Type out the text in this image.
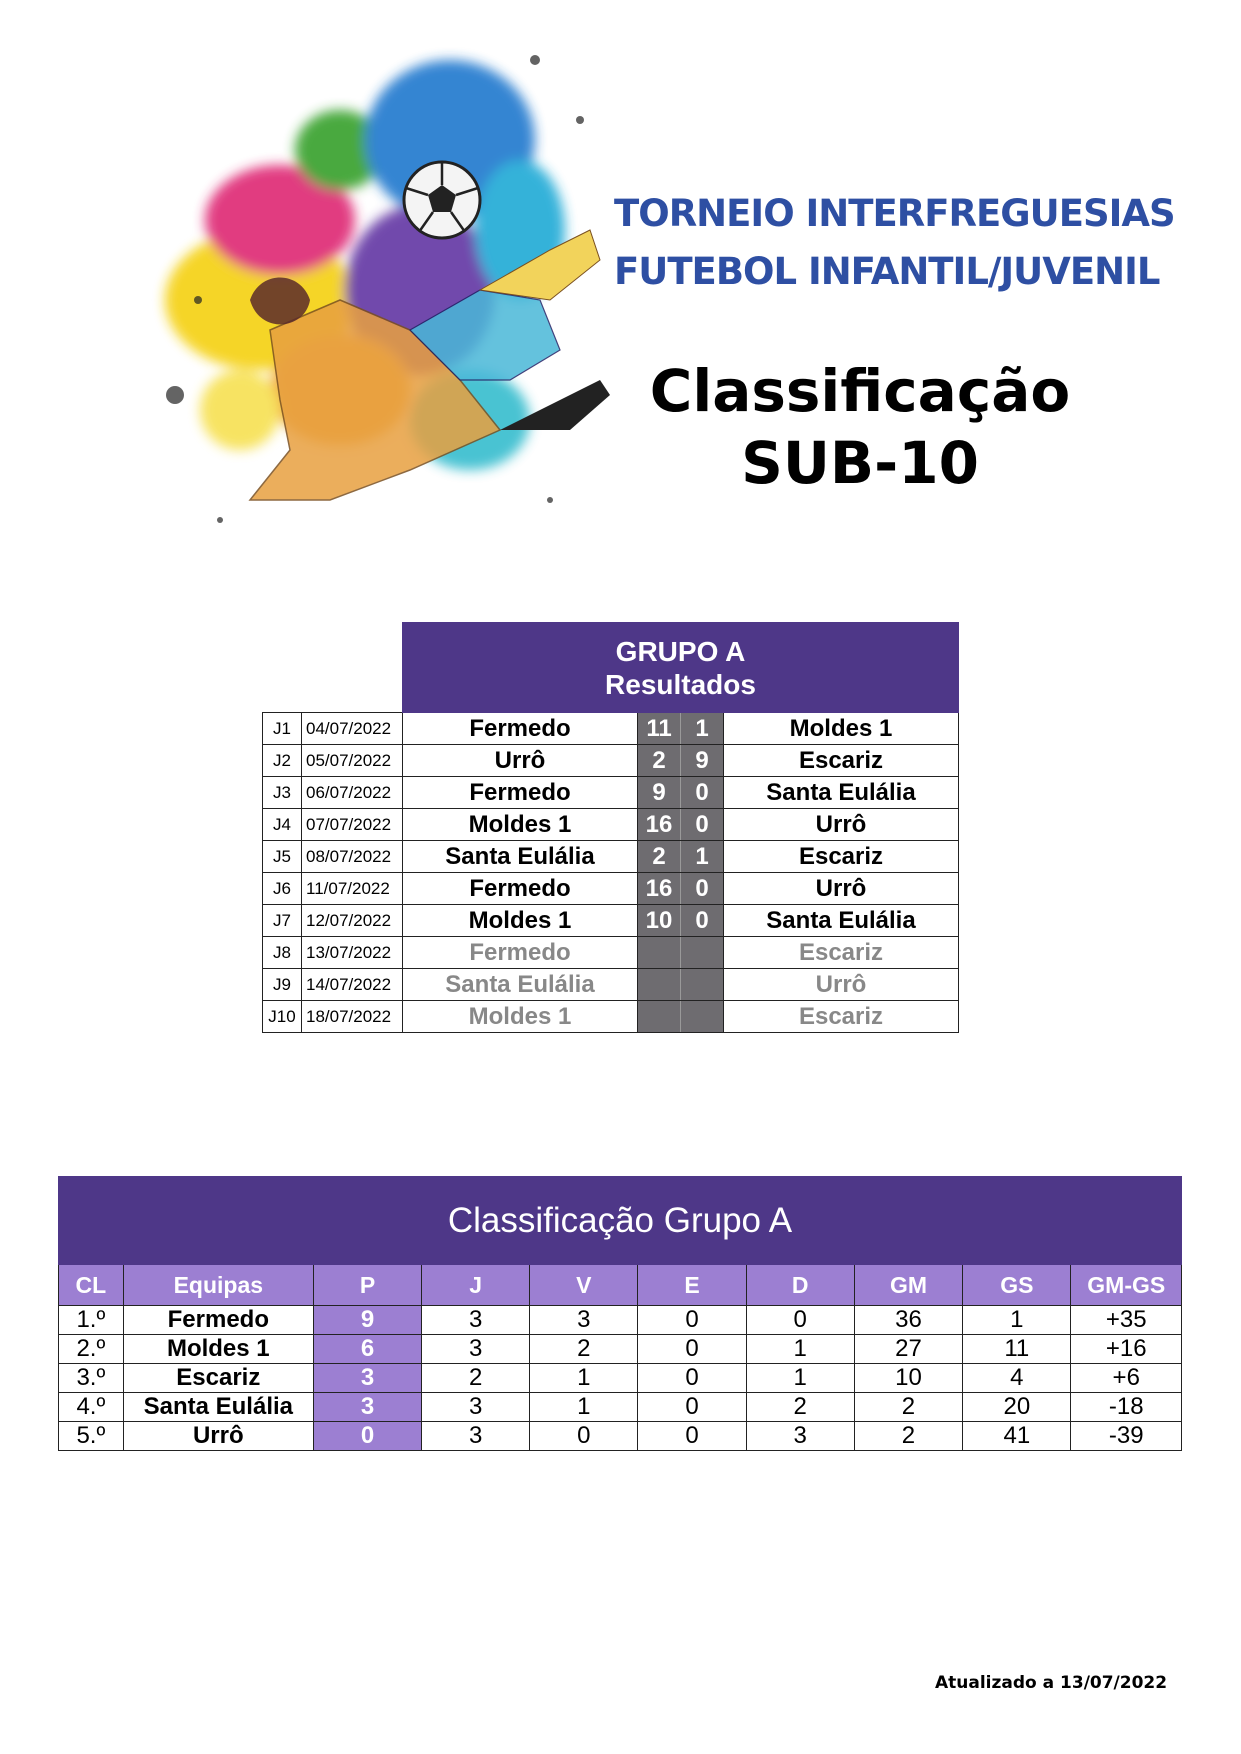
TORNEIO INTERFREGUESIAS
FUTEBOL INFANTIL/JUVENIL
Classificação
SUB-10

		GRUPO A
Resultados			

J1	04/07/2022	Fermedo	11	1	Moldes 1
J2	05/07/2022	Urrô	2	9	Escariz
J3	06/07/2022	Fermedo	9	0	Santa Eulália
J4	07/07/2022	Moldes 1	16	0	Urrô
J5	08/07/2022	Santa Eulália	2	1	Escariz
J6	11/07/2022	Fermedo	16	0	Urrô
J7	12/07/2022	Moldes 1	10	0	Santa Eulália
J8	13/07/2022	Fermedo			Escariz
J9	14/07/2022	Santa Eulália			Urrô
J10	18/07/2022	Moldes 1			Escariz
Classificação Grupo A									
CL	Equipas	P	J	V	E	D	GM	GS	GM-GS
1.º	Fermedo	9	3	3	0	0	36	1	+35
2.º	Moldes 1	6	3	2	0	1	27	11	+16
3.º	Escariz	3	2	1	0	1	10	4	+6
4.º	Santa Eulália	3	3	1	0	2	2	20	-18
5.º	Urrô	0	3	0	0	3	2	41	-39
Atualizado a 13/07/2022
